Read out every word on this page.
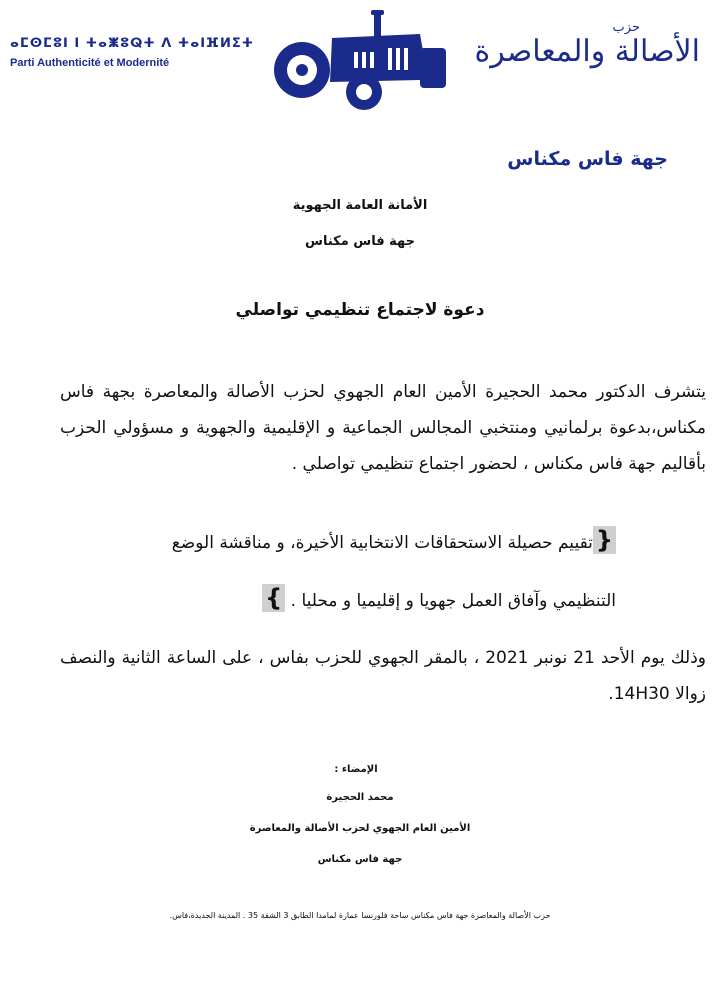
ⴰⵎⵙⵎⵓⵏ ⵏ ⵜⴰⵥⵓⵕⵜ ⴷ ⵜⴰⵏⴼⵍⵉⵜ
Parti Authenticité et Modernité
حزب
الأصالة والمعاصرة
جهة فاس مكناس
الأمانة العامة الجهوية
جهة فاس مكناس
دعوة لاجتماع تنظيمي تواصلي
يتشرف الدكتور محمد الحجيرة الأمين العام الجهوي لحزب الأصالة والمعاصرة بجهة فاس مكناس،بدعوة برلمانيي ومنتخبي المجالس الجماعية و الإقليمية والجهوية و مسؤولي الحزب بأقاليم جهة فاس مكناس ، لحضور اجتماع تنظيمي تواصلي .
{تقييم حصيلة الاستحقاقات الانتخابية الأخيرة، و مناقشة الوضع
التنظيمي وآفاق العمل جهويا و إقليميا و محليا . }
وذلك يوم الأحد 21 نونبر 2021 ، بالمقر الجهوي للحزب بفاس ، على الساعة الثانية والنصف زوالا 14H30.
الإمضاء :
محمد الحجيرة
الأمين العام الجهوي لحزب الأصالة والمعاصرة
جهة فاس مكناس
حزب الأصالة والمعاصرة جهة فاس مكناس ساحة فلورنسا عمارة لمامدا الطابق 3 الشقة 35 . المدينة الجديدة،فاس.
